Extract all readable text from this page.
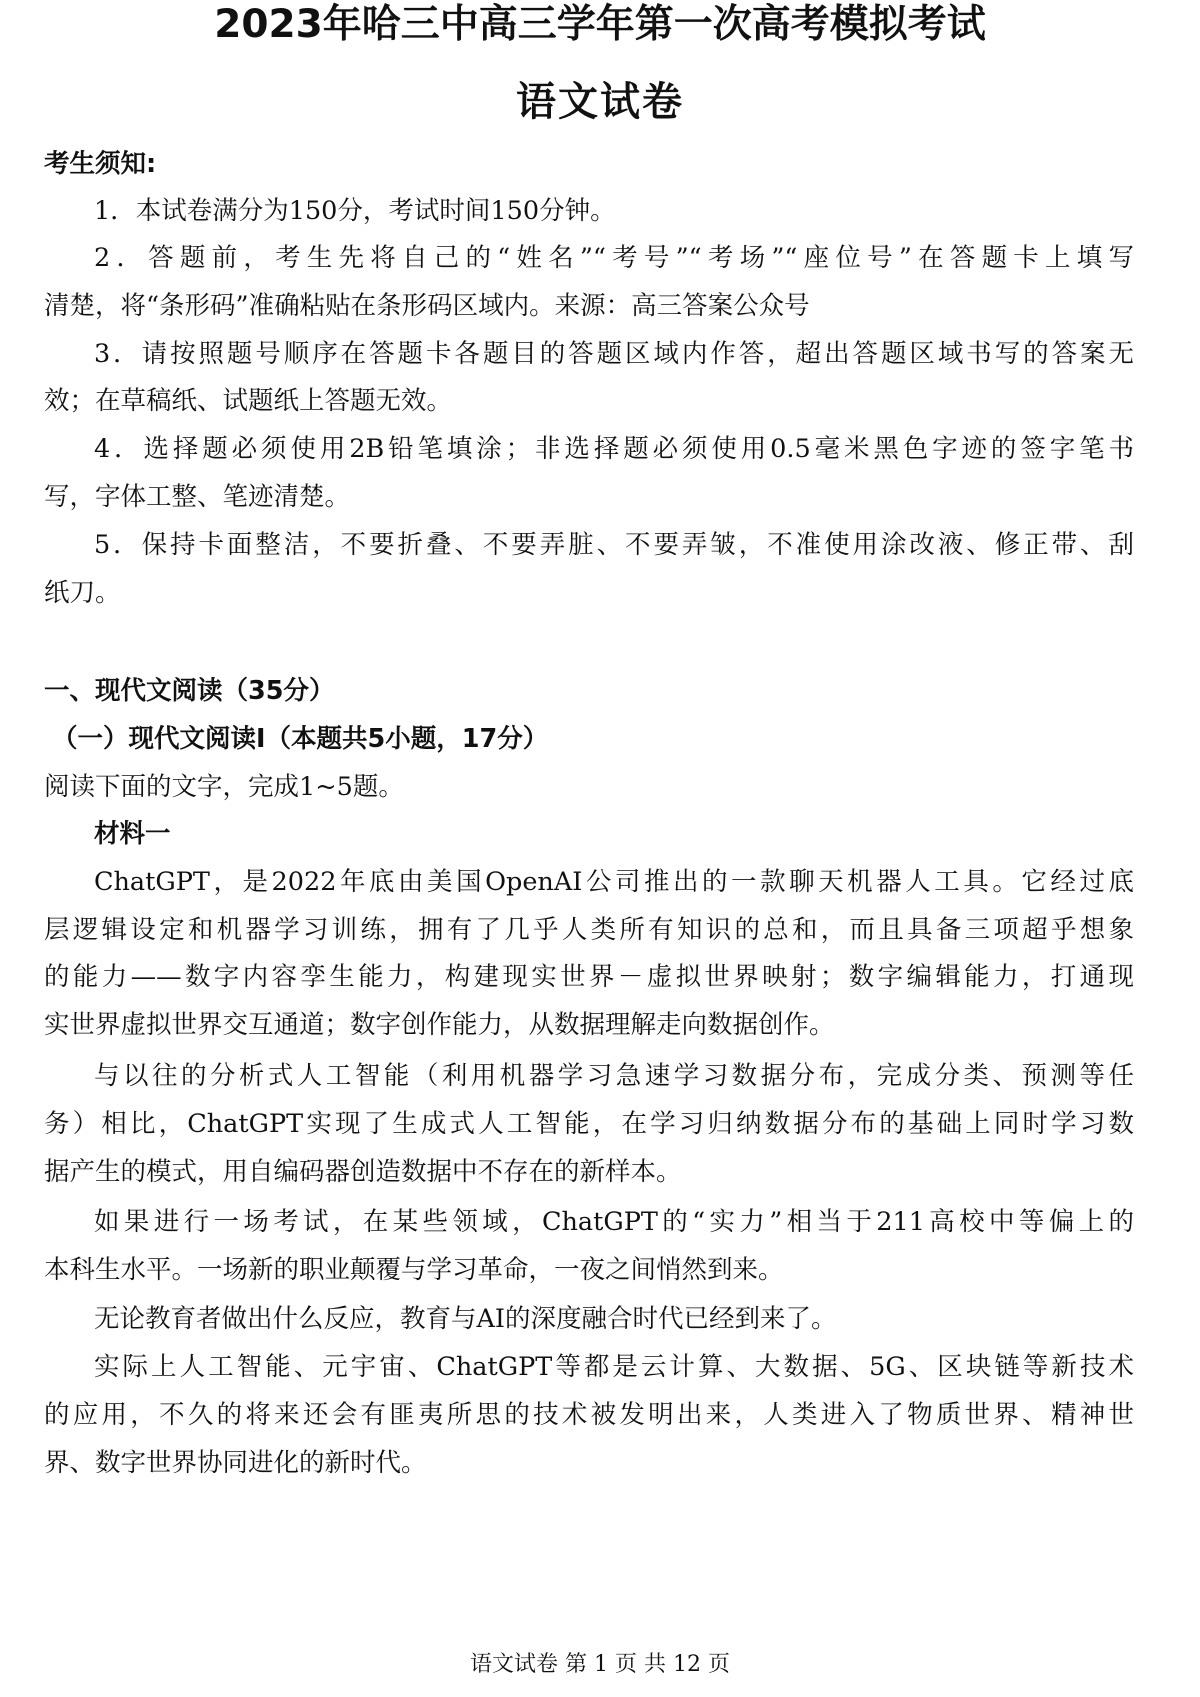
2023年哈三中高三学年第一次高考模拟考试
语文试卷
考生须知:
1．本试卷满分为150分，考试时间150分钟。
2．答题前，考生先将自己的“姓名”“考号”“考场”“座位号”在答题卡上填写
清楚，将“条形码”准确粘贴在条形码区域内。来源：高三答案公众号
3．请按照题号顺序在答题卡各题目的答题区域内作答，超出答题区域书写的答案无
效；在草稿纸、试题纸上答题无效。
4．选择题必须使用2B铅笔填涂；非选择题必须使用0.5毫米黑色字迹的签字笔书
写，字体工整、笔迹清楚。
5．保持卡面整洁，不要折叠、不要弄脏、不要弄皱，不准使用涂改液、修正带、刮
纸刀。
一、现代文阅读（35分）
（一）现代文阅读Ⅰ（本题共5小题，17分）
阅读下面的文字，完成1~5题。
材料一
ChatGPT，是2022年底由美国OpenAI公司推出的一款聊天机器人工具。它经过底
层逻辑设定和机器学习训练，拥有了几乎人类所有知识的总和，而且具备三项超乎想象
的能力——数字内容孪生能力，构建现实世界－虚拟世界映射；数字编辑能力，打通现
实世界虚拟世界交互通道；数字创作能力，从数据理解走向数据创作。
与以往的分析式人工智能（利用机器学习急速学习数据分布，完成分类、预测等任
务）相比，ChatGPT实现了生成式人工智能，在学习归纳数据分布的基础上同时学习数
据产生的模式，用自编码器创造数据中不存在的新样本。
如果进行一场考试，在某些领域，ChatGPT的“实力”相当于211高校中等偏上的
本科生水平。一场新的职业颠覆与学习革命，一夜之间悄然到来。
无论教育者做出什么反应，教育与AI的深度融合时代已经到来了。
实际上人工智能、元宇宙、ChatGPT等都是云计算、大数据、5G、区块链等新技术
的应用，不久的将来还会有匪夷所思的技术被发明出来，人类进入了物质世界、精神世
界、数字世界协同进化的新时代。
语文试卷 第 1 页 共 12 页
